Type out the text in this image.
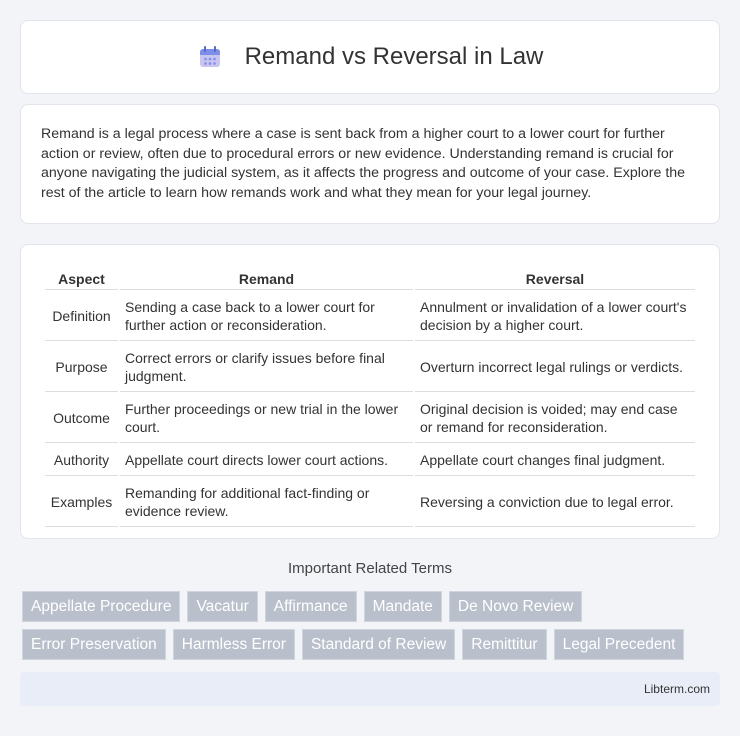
Remand vs Reversal in Law

Remand is a legal process where a case is sent back from a higher court to a lower court for further action or review, often due to procedural errors or new evidence. Understanding remand is crucial for anyone navigating the judicial system, as it affects the progress and outcome of your case. Explore the rest of the article to learn how remands work and what they mean for your legal journey.

Aspect	Remand	Reversal
Definition	Sending a case back to a lower court for further action or reconsideration.	Annulment or invalidation of a lower court's decision by a higher court.
Purpose	Correct errors or clarify issues before final judgment.	Overturn incorrect legal rulings or verdicts.
Outcome	Further proceedings or new trial in the lower court.	Original decision is voided; may end case or remand for reconsideration.
Authority	Appellate court directs lower court actions.	Appellate court changes final judgment.
Examples	Remanding for additional fact-finding or evidence review.	Reversing a conviction due to legal error.
Important Related Terms
Appellate Procedure	Vacatur	Affirmance	Mandate	De Novo Review
Error Preservation	Harmless Error	Standard of Review	Remittitur	Legal Precedent
Libterm.com
